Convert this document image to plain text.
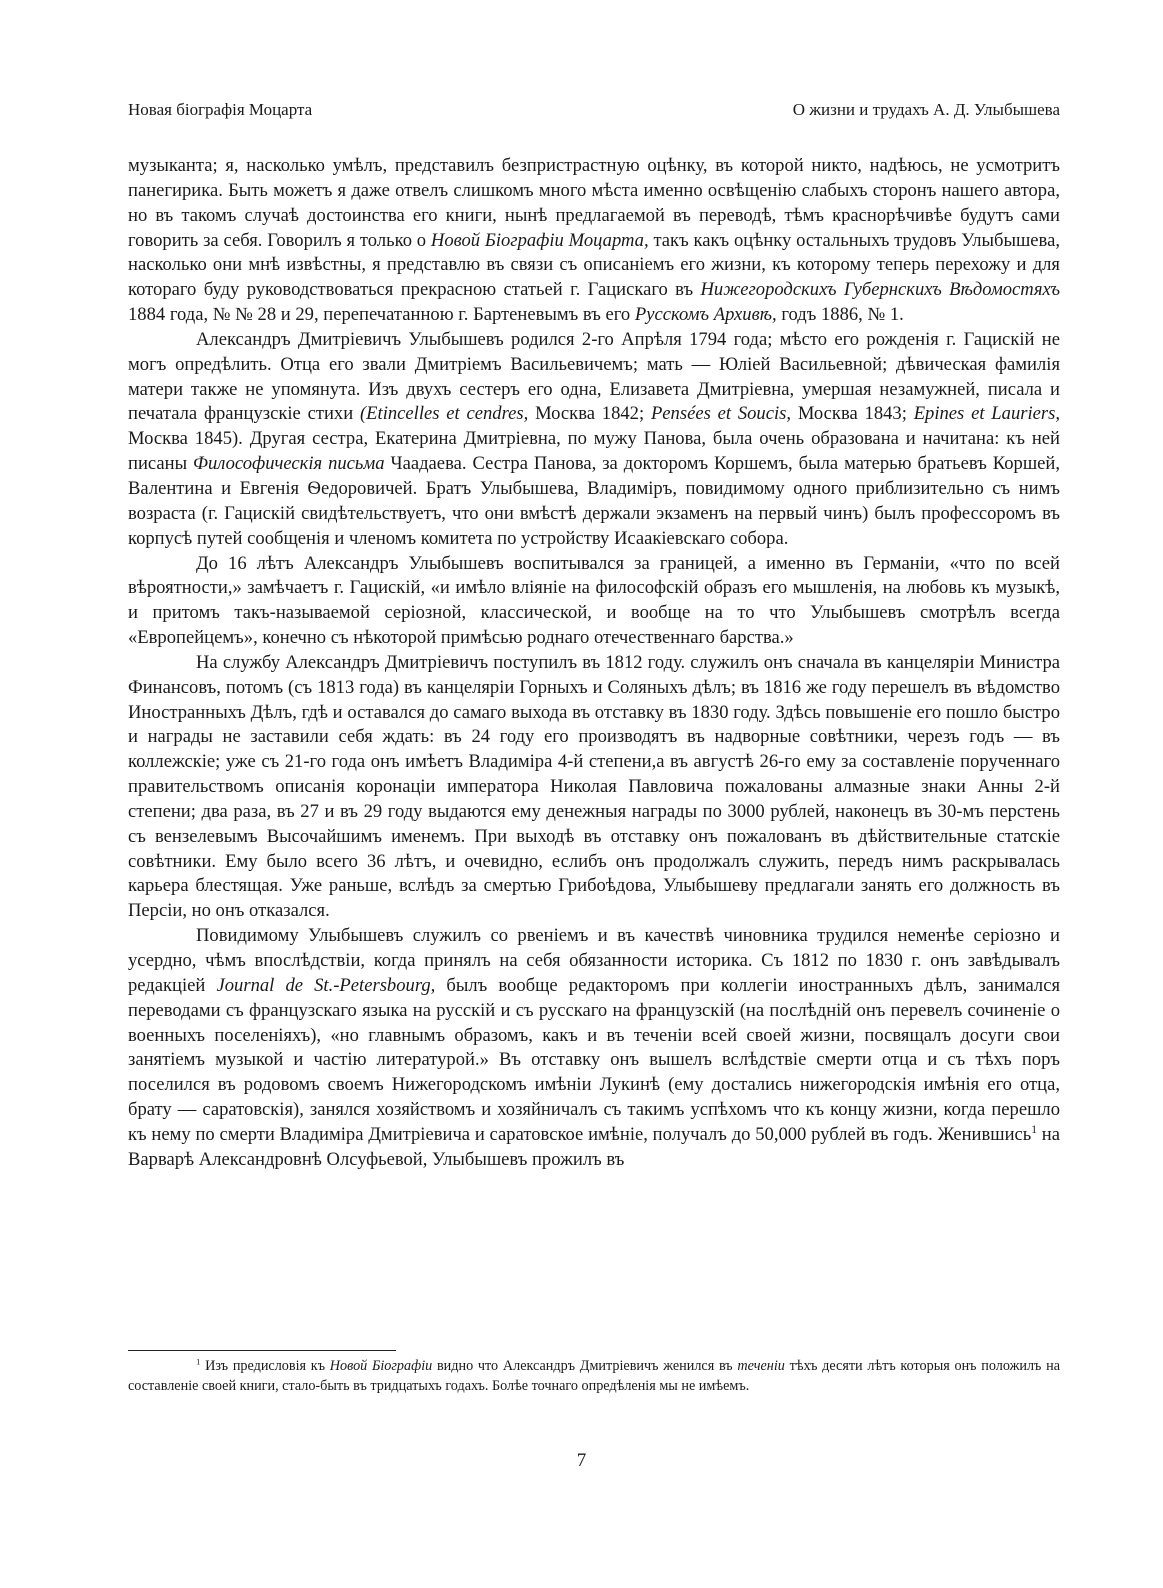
Новая біографія Моцарта	О жизни и трудахъ А. Д. Улыбышева

музыканта; я, насколько умѣлъ, представилъ безпристрастную оцѣнку, въ которой никто, надѣюсь, не усмотритъ панегирика. Быть можетъ я даже отвелъ слишкомъ много мѣста именно освѣщенію слабыхъ сторонъ нашего автора, но въ такомъ случаѣ достоинства его книги, нынѣ предлагаемой въ переводѣ, тѣмъ краснорѣчивѣе будутъ сами говорить за себя. Говорилъ я только о Новой Біографіи Моцарта, такъ какъ оцѣнку остальныхъ трудовъ Улыбышева, насколько они мнѣ извѣстны, я представлю въ связи съ описаніемъ его жизни, къ которому теперь перехожу и для котораго буду руководствоваться прекрасною статьей г. Гацискаго въ Нижегородскихъ Губернскихъ Вѣдомостяхъ 1884 года, № № 28 и 29, перепечатанною г. Бартеневымъ въ его Русскомъ Архивѣ, годъ 1886, № 1.

Александръ Дмитріевичъ Улыбышевъ родился 2-го Апрѣля 1794 года; мѣсто его рожденія г. Гацискій не могъ опредѣлить. Отца его звали Дмитріемъ Васильевичемъ; мать — Юліей Васильевной; дѣвическая фамилія матери также не упомянута. Изъ двухъ сестеръ его одна, Елизавета Дмитріевна, умершая незамужней, писала и печатала французскіе стихи (Etincelles et cendres, Москва 1842; Pensées et Soucis, Москва 1843; Epines et Lauriers, Москва 1845). Другая сестра, Екатерина Дмитріевна, по мужу Панова, была очень образована и начитана: къ ней писаны Философическія письма Чаадаева. Сестра Панова, за докторомъ Коршемъ, была матерью братьевъ Коршей, Валентина и Евгенія Ѳедоровичей. Братъ Улыбышева, Владиміръ, повидимому одного приблизительно съ нимъ возраста (г. Гацискій свидѣтельствуетъ, что они вмѣстѣ держали экзаменъ на первый чинъ) былъ профессоромъ въ корпусѣ путей сообщенія и членомъ комитета по устройству Исаакіевскаго собора.

До 16 лѣтъ Александръ Улыбышевъ воспитывался за границей, а именно въ Германіи, «что по всей вѣроятности,» замѣчаетъ г. Гацискій, «и имѣло вліяніе на философскій образъ его мышленія, на любовь къ музыкѣ, и притомъ такъ-называемой серіозной, классической, и вообще на то что Улыбышевъ смотрѣлъ всегда «Европейцемъ», конечно съ нѣкоторой примѣсью роднаго отечественнаго барства.»

На службу Александръ Дмитріевичъ поступилъ въ 1812 году. служилъ онъ сначала въ канцеляріи Министра Финансовъ, потомъ (съ 1813 года) въ канцеляріи Горныхъ и Соляныхъ дѣлъ; въ 1816 же году перешелъ въ вѣдомство Иностранныхъ Дѣлъ, гдѣ и оставался до самаго выхода въ отставку въ 1830 году. Здѣсь повышеніе его пошло быстро и награды не заставили себя ждать: въ 24 году его производятъ въ надворные совѣтники, черезъ годъ — въ коллежскіе; уже съ 21-го года онъ имѣетъ Владиміра 4-й степени,а въ августѣ 26-го ему за составленіе порученнаго правительствомъ описанія коронаціи императора Николая Павловича пожалованы алмазные знаки Анны 2-й степени; два раза, въ 27 и въ 29 году выдаются ему денежныя награды по 3000 рублей, наконецъ въ 30-мъ перстень съ вензелевымъ Высочайшимъ именемъ. При выходѣ въ отставку онъ пожалованъ въ дѣйствительные статскіе совѣтники. Ему было всего 36 лѣтъ, и очевидно, еслибъ онъ продолжалъ служить, передъ нимъ раскрывалась карьера блестящая. Уже раньше, вслѣдъ за смертью Грибоѣдова, Улыбышеву предлагали занять его должность въ Персіи, но онъ отказался.

Повидимому Улыбышевъ служилъ со рвеніемъ и въ качествѣ чиновника трудился неменѣе серіозно и усердно, чѣмъ впослѣдствіи, когда принялъ на себя обязанности историка. Съ 1812 по 1830 г. онъ завѣдывалъ редакціей Journal de St.-Petersbourg, былъ вообще редакторомъ при коллегіи иностранныхъ дѣлъ, занимался переводами съ французскаго языка на русскій и съ русскаго на французскій (на послѣдній онъ перевелъ сочиненіе о военныхъ поселеніяхъ), «но главнымъ образомъ, какъ и въ теченіи всей своей жизни, посвящалъ досуги свои занятіемъ музыкой и частію литературой.» Въ отставку онъ вышелъ вслѣдствіе смерти отца и съ тѣхъ поръ поселился въ родовомъ своемъ Нижегородскомъ имѣніи Лукинѣ (ему достались нижегородскія имѣнія его отца, брату — саратовскія), занялся хозяйствомъ и хозяйничалъ съ такимъ успѣхомъ что къ концу жизни, когда перешло къ нему по смерти Владиміра Дмитріевича и саратовское имѣніе, получалъ до 50,000 рублей въ годъ. Женившись$^1$ на Варварѣ Александровнѣ Олсуфьевой, Улыбышевъ прожилъ въ

$^1$ Изъ предисловія къ Новой Біографіи видно что Александръ Дмитріевичъ женился въ теченіи тѣхъ десяти лѣтъ которыя онъ положилъ на составленіе своей книги, стало-быть въ тридцатыхъ годахъ. Болѣе точнаго опредѣленія мы не имѣемъ.

7
